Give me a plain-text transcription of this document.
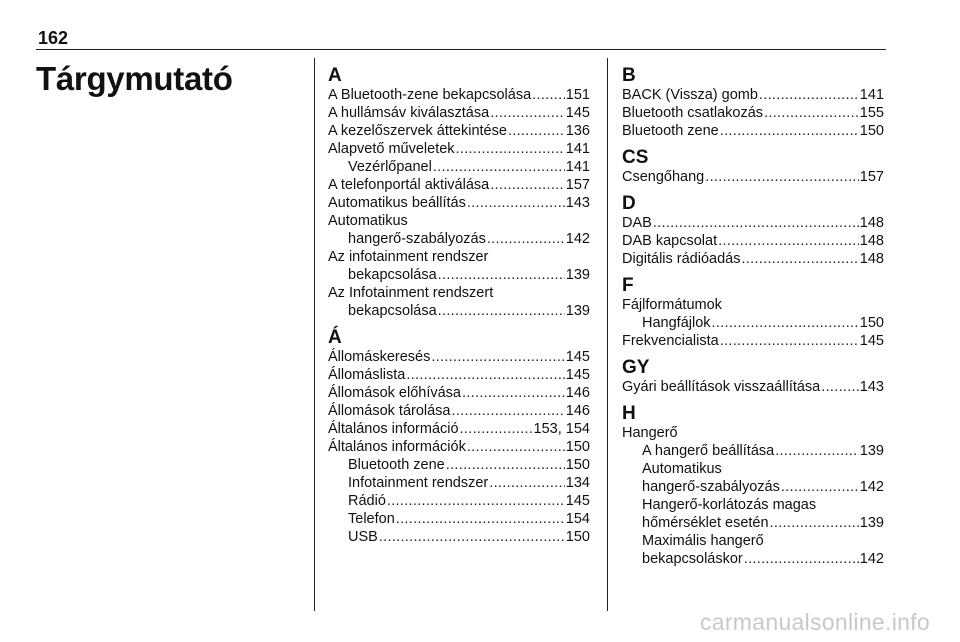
162
Tárgymutató	A
A Bluetooth-zene bekapcsolása ..... 151
A hullámsáv kiválasztása .....	145
A kezelőszervek áttekintése .....	136
Alapvető műveletek .....	141
Vezérlőpanel .....	141
A telefonportál aktiválása .....	157
Automatikus beállítás .....	143
Automatikus
hangerő-szabályozás .....	142
Az infotainment rendszer
bekapcsolása .....	139
Az Infotainment rendszert
bekapcsolása .....	139
Á
Állomáskeresés .....	145
Állomáslista .....	145
Állomások előhívása .....	146
Állomások tárolása .....	146
Általános információ .....	153, 154
Általános információk .....	150
Bluetooth zene .....	150
Infotainment rendszer .....	134
Rádió .....	145
Telefon .....	154
USB .....	150
B
BACK (Vissza) gomb .....	141
Bluetooth csatlakozás .....	155
Bluetooth zene .....	150
CS
Csengőhang .....	157
D
DAB .....	148
DAB kapcsolat .....	148
Digitális rádióadás .....	148
F
Fájlformátumok
Hangfájlok .....	150
Frekvencialista .....	145
GY
Gyári beállítások visszaállítása .....	143
H
Hangerő
A hangerő beállítása .....	139
Automatikus
hangerő-szabályozás .....	142
Hangerő-korlátozás magas
hőmérséklet esetén .....	139
Maximális hangerő
bekapcsoláskor .....	142
carmanualsonline.info
